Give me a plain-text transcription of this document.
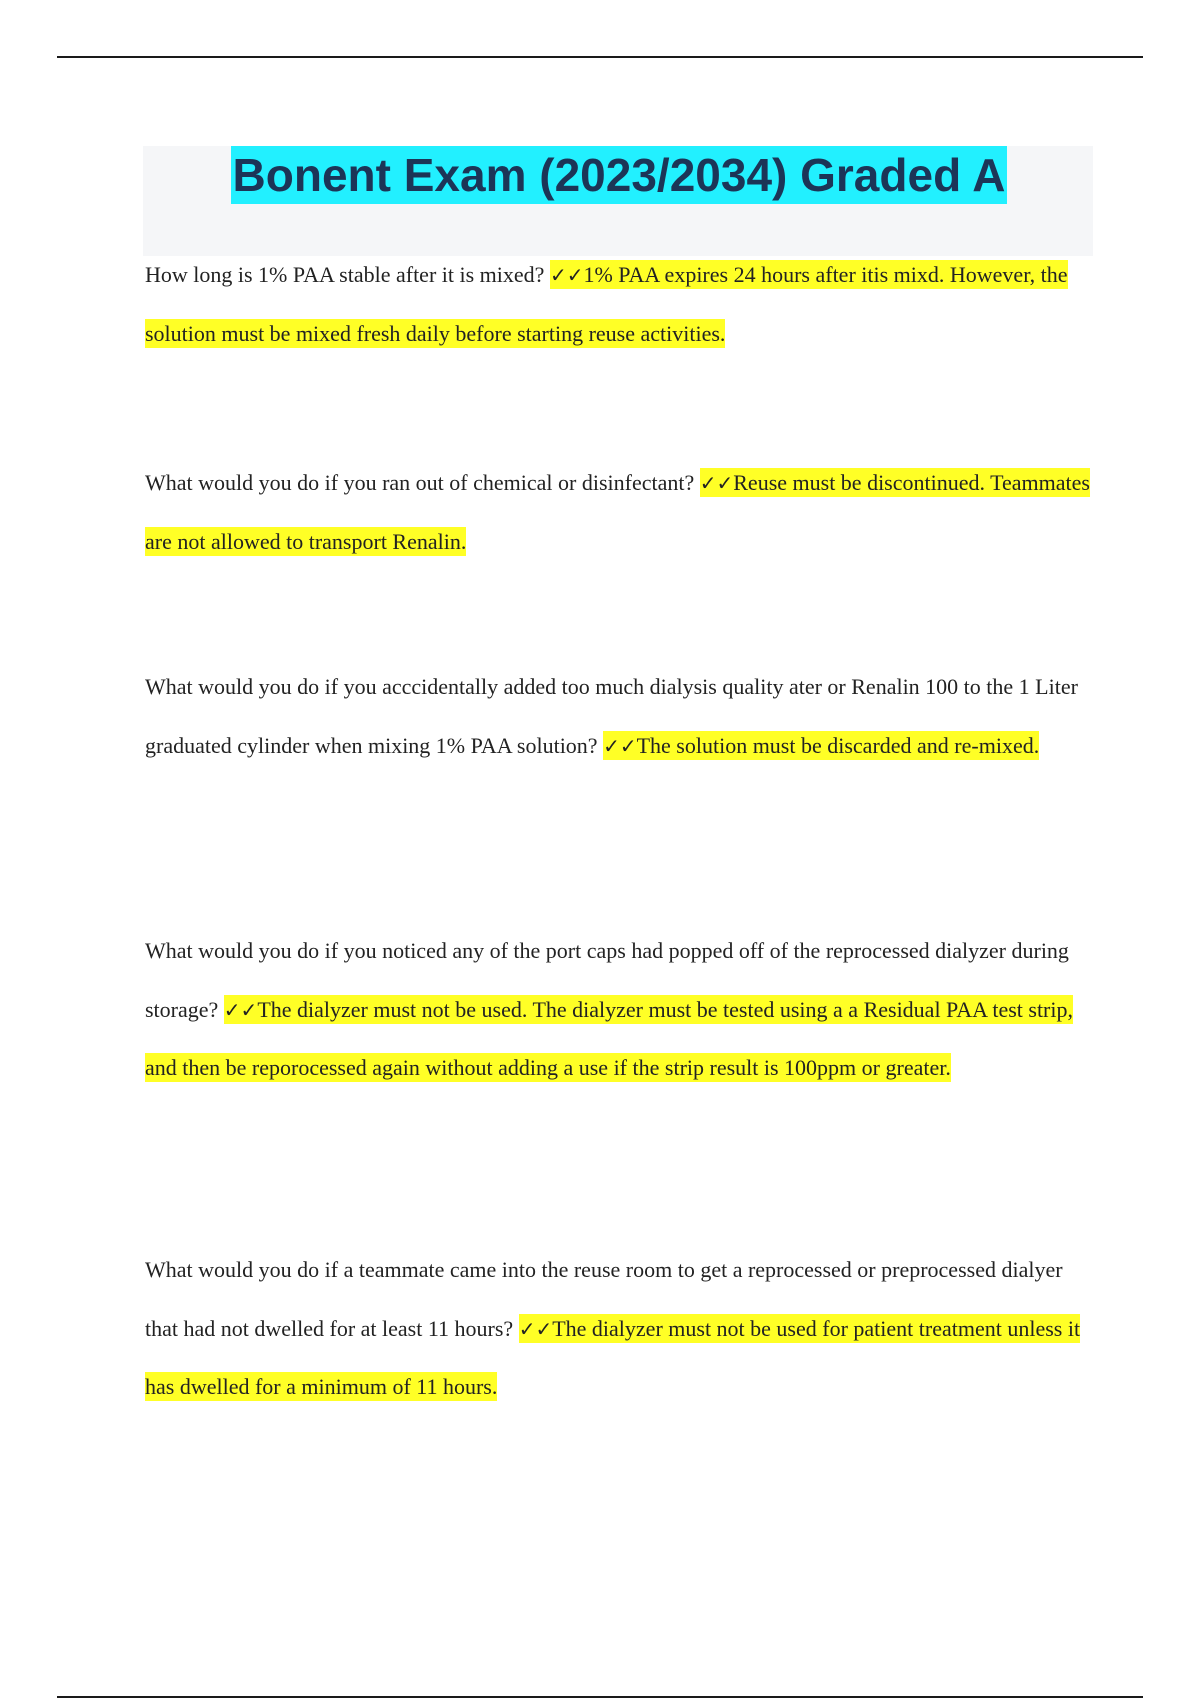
Bonent Exam (2023/2034) Graded A

How long is 1% PAA stable after it is mixed? ✓✓1% PAA expires 24 hours after itis mixd. However, the solution must be mixed fresh daily before starting reuse activities.

What would you do if you ran out of chemical or disinfectant? ✓✓Reuse must be discontinued. Teammates are not allowed to transport Renalin.

What would you do if you acccidentally added too much dialysis quality ater or Renalin 100 to the 1 Liter graduated cylinder when mixing 1% PAA solution? ✓✓The solution must be discarded and re-mixed.

What would you do if you noticed any of the port caps had popped off of the reprocessed dialyzer during storage? ✓✓The dialyzer must not be used. The dialyzer must be tested using a a Residual PAA test strip, and then be reporocessed again without adding a use if the strip result is 100ppm or greater.

What would you do if a teammate came into the reuse room to get a reprocessed or preprocessed dialyer that had not dwelled for at least 11 hours? ✓✓The dialyzer must not be used for patient treatment unless it has dwelled for a minimum of 11 hours.
